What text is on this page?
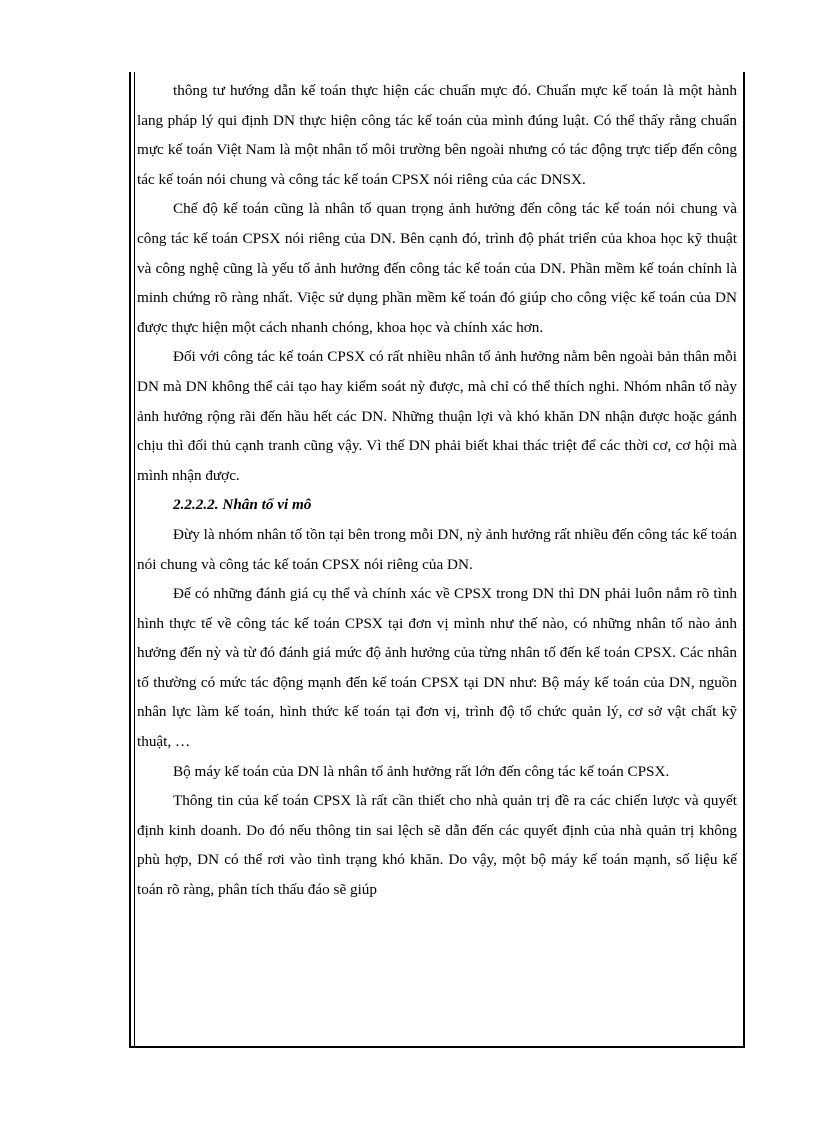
thông tư hướng dẫn kế toán thực hiện các chuẩn mực đó. Chuẩn mực kế toán là một hành lang pháp lý qui định DN thực hiện công tác kế toán của mình đúng luật. Có thể thấy rằng chuẩn mực kế toán Việt Nam là một nhân tố môi trường bên ngoài nhưng có tác động trực tiếp đến công tác kế toán nói chung và công tác kế toán CPSX nói riêng của các DNSX.

Chế độ kế toán cũng là nhân tố quan trọng ảnh hưởng đến công tác kế toán nói chung và công tác kế toán CPSX nói riêng của DN. Bên cạnh đó, trình độ phát triển của khoa học kỹ thuật và công nghệ cũng là yếu tố ảnh hưởng đến công tác kế toán của DN. Phần mềm kế toán chính là minh chứng rõ ràng nhất. Việc sử dụng phần mềm kế toán đó giúp cho công việc kế toán của DN được thực hiện một cách nhanh chóng, khoa học và chính xác hơn.

Đối với công tác kế toán CPSX có rất nhiều nhân tố ảnh hưởng nằm bên ngoài bản thân mỗi DN mà DN không thể cải tạo hay kiểm soát nỳ được, mà chỉ có thể thích nghi. Nhóm nhân tố này ảnh hưởng rộng rãi đến hầu hết các DN. Những thuận lợi và khó khăn DN nhận được hoặc gánh chịu thì đối thủ cạnh tranh cũng vậy. Vì thế DN phải biết khai thác triệt để các thời cơ, cơ hội mà mình nhận được.

2.2.2.2. Nhân tố vi mô

Đừy là nhóm nhân tố tồn tại bên trong mỗi DN, nỳ ảnh hưởng rất nhiều đến công tác kế toán nói chung và công tác kế toán CPSX nói riêng của DN.

Để có những đánh giá cụ thể và chính xác về CPSX trong DN thì DN phải luôn nắm rõ tình hình thực tế về công tác kế toán CPSX tại đơn vị mình như thế nào, có những nhân tố nào ảnh hưởng đến nỳ và từ đó đánh giá mức độ ảnh hưởng của từng nhân tố đến kế toán CPSX. Các nhân tố thường có mức tác động mạnh đến kế toán CPSX tại DN như: Bộ máy kế toán của DN, nguồn nhân lực làm kế toán, hình thức kế toán tại đơn vị, trình độ tổ chức quản lý, cơ sở vật chất kỹ thuật, …

Bộ máy kế toán của DN là nhân tố ảnh hưởng rất lớn đến công tác kế toán CPSX.

Thông tin của kế toán CPSX là rất cần thiết cho nhà quản trị đề ra các chiến lược và quyết định kinh doanh. Do đó nếu thông tin sai lệch sẽ dẫn đến các quyết định của nhà quản trị không phù hợp, DN có thể rơi vào tình trạng khó khăn. Do vậy, một bộ máy kế toán mạnh, số liệu kế toán rõ ràng, phân tích thấu đáo sẽ giúp
